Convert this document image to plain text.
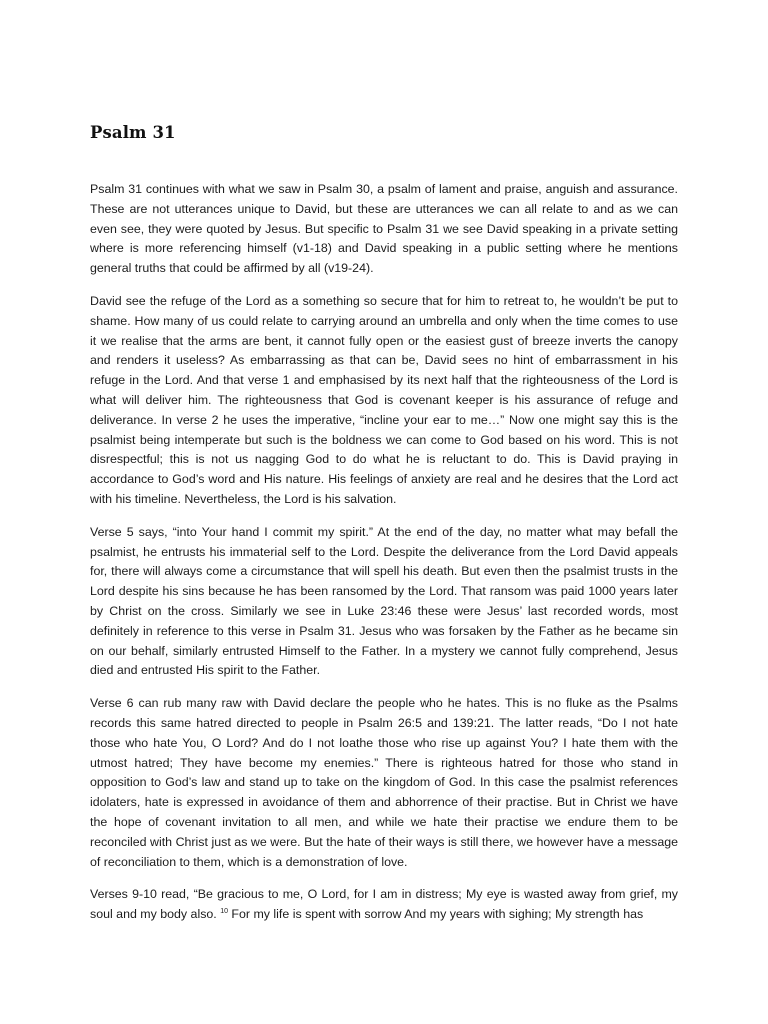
Psalm 31

Psalm 31 continues with what we saw in Psalm 30, a psalm of lament and praise, anguish and assurance. These are not utterances unique to David, but these are utterances we can all relate to and as we can even see, they were quoted by Jesus. But specific to Psalm 31 we see David speaking in a private setting where is more referencing himself (v1-18) and David speaking in a public setting where he mentions general truths that could be affirmed by all (v19-24).

David see the refuge of the Lord as a something so secure that for him to retreat to, he wouldn’t be put to shame. How many of us could relate to carrying around an umbrella and only when the time comes to use it we realise that the arms are bent, it cannot fully open or the easiest gust of breeze inverts the canopy and renders it useless? As embarrassing as that can be, David sees no hint of embarrassment in his refuge in the Lord. And that verse 1 and emphasised by its next half that the righteousness of the Lord is what will deliver him. The righteousness that God is covenant keeper is his assurance of refuge and deliverance. In verse 2 he uses the imperative, “incline your ear to me…” Now one might say this is the psalmist being intemperate but such is the boldness we can come to God based on his word. This is not disrespectful; this is not us nagging God to do what he is reluctant to do. This is David praying in accordance to God’s word and His nature. His feelings of anxiety are real and he desires that the Lord act with his timeline. Nevertheless, the Lord is his salvation.

Verse 5 says, “into Your hand I commit my spirit.” At the end of the day, no matter what may befall the psalmist, he entrusts his immaterial self to the Lord. Despite the deliverance from the Lord David appeals for, there will always come a circumstance that will spell his death. But even then the psalmist trusts in the Lord despite his sins because he has been ransomed by the Lord. That ransom was paid 1000 years later by Christ on the cross. Similarly we see in Luke 23:46 these were Jesus’ last recorded words, most definitely in reference to this verse in Psalm 31. Jesus who was forsaken by the Father as he became sin on our behalf, similarly entrusted Himself to the Father. In a mystery we cannot fully comprehend, Jesus died and entrusted His spirit to the Father.

Verse 6 can rub many raw with David declare the people who he hates. This is no fluke as the Psalms records this same hatred directed to people in Psalm 26:5 and 139:21. The latter reads, “Do I not hate those who hate You, O Lord? And do I not loathe those who rise up against You? I hate them with the utmost hatred; They have become my enemies.” There is righteous hatred for those who stand in opposition to God’s law and stand up to take on the kingdom of God. In this case the psalmist references idolaters, hate is expressed in avoidance of them and abhorrence of their practise. But in Christ we have the hope of covenant invitation to all men, and while we hate their practise we endure them to be reconciled with Christ just as we were. But the hate of their ways is still there, we however have a message of reconciliation to them, which is a demonstration of love.

Verses 9-10 read, “Be gracious to me, O Lord, for I am in distress; My eye is wasted away from grief, my soul and my body also. $^{10}$ For my life is spent with sorrow And my years with sighing; My strength has
